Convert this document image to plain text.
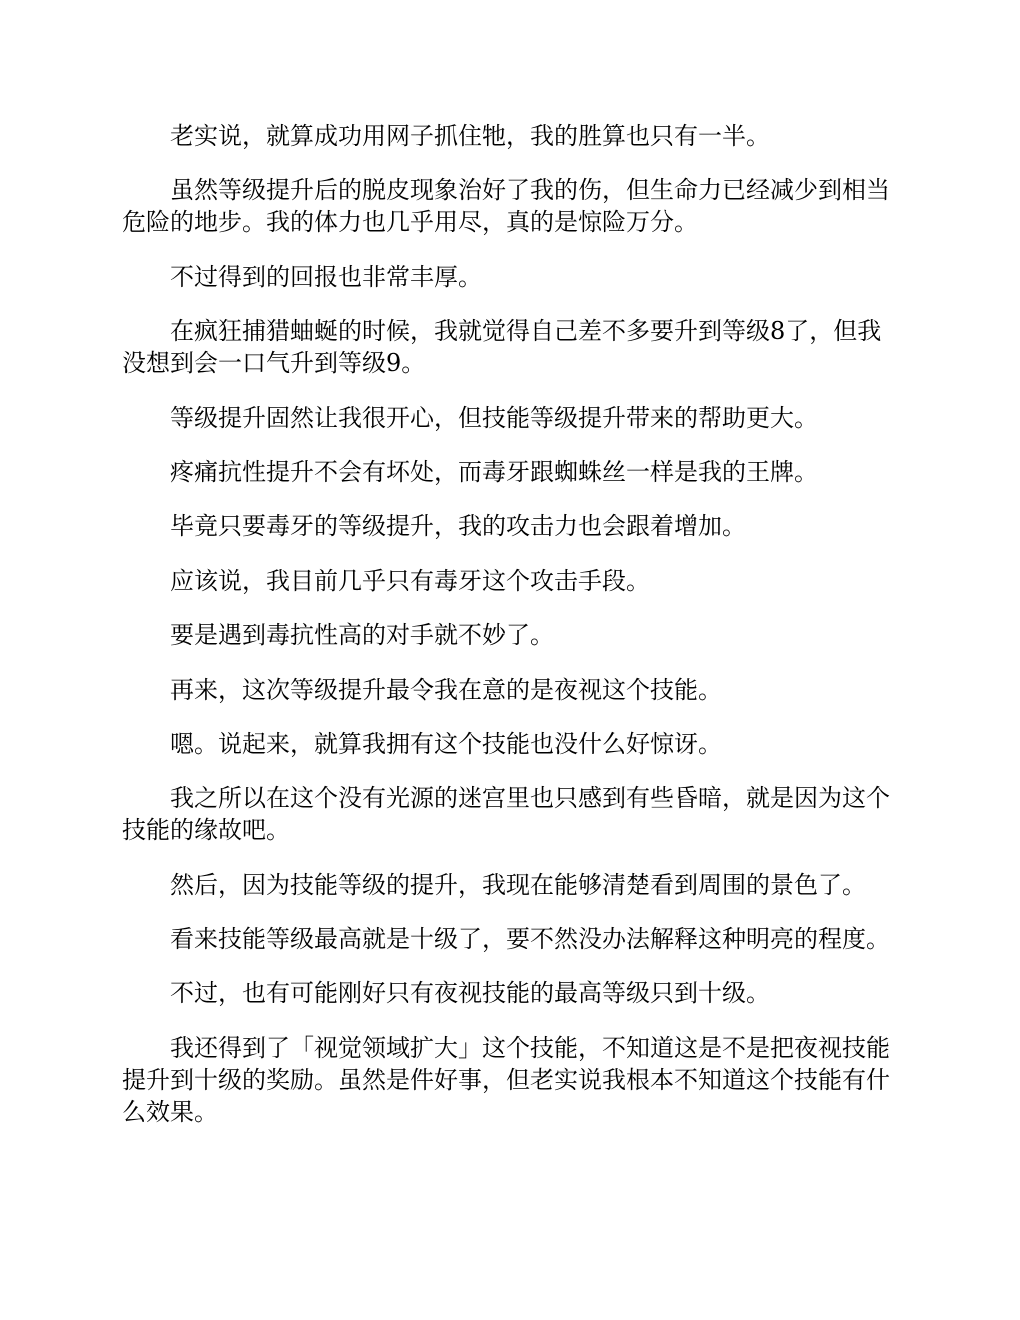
老实说，就算成功用网子抓住牠，我的胜算也只有一半。

虽然等级提升后的脱皮现象治好了我的伤，但生命力已经减少到相当危险的地步。我的体力也几乎用尽，真的是惊险万分。

不过得到的回报也非常丰厚。

在疯狂捕猎蚰蜒的时候，我就觉得自己差不多要升到等级8了，但我没想到会一口气升到等级9。

等级提升固然让我很开心，但技能等级提升带来的帮助更大。

疼痛抗性提升不会有坏处，而毒牙跟蜘蛛丝一样是我的王牌。

毕竟只要毒牙的等级提升，我的攻击力也会跟着增加。

应该说，我目前几乎只有毒牙这个攻击手段。

要是遇到毒抗性高的对手就不妙了。

再来，这次等级提升最令我在意的是夜视这个技能。

嗯。说起来，就算我拥有这个技能也没什么好惊讶。

我之所以在这个没有光源的迷宫里也只感到有些昏暗，就是因为这个技能的缘故吧。

然后，因为技能等级的提升，我现在能够清楚看到周围的景色了。

看来技能等级最高就是十级了，要不然没办法解释这种明亮的程度。

不过，也有可能刚好只有夜视技能的最高等级只到十级。

我还得到了「视觉领域扩大」这个技能，不知道这是不是把夜视技能提升到十级的奖励。虽然是件好事，但老实说我根本不知道这个技能有什么效果。
